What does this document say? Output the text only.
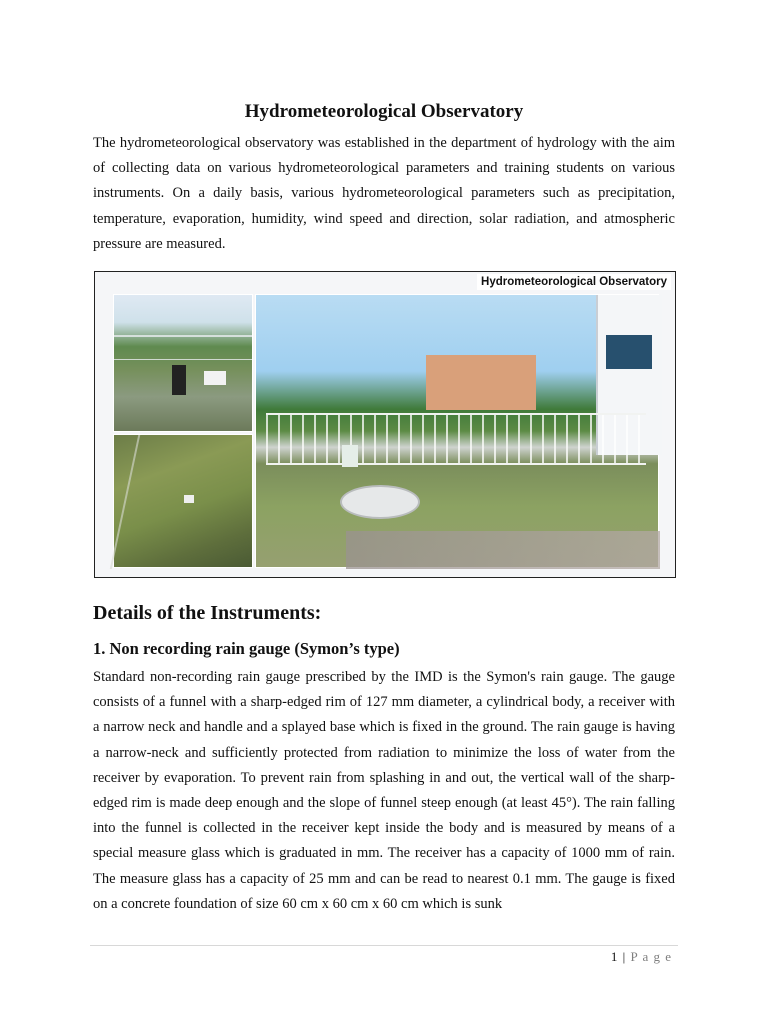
Hydrometeorological Observatory

The hydrometeorological observatory was established in the department of hydrology with the aim of collecting data on various hydrometeorological parameters and training students on various instruments. On a daily basis, various hydrometeorological parameters such as precipitation, temperature, evaporation, humidity, wind speed and direction, solar radiation, and atmospheric pressure are measured.

Hydrometeorological Observatory
Details of the Instruments:
1. Non recording rain gauge (Symon’s type)

Standard non-recording rain gauge prescribed by the IMD is the Symon's rain gauge. The gauge consists of a funnel with a sharp-edged rim of 127 mm diameter, a cylindrical body, a receiver with a narrow neck and handle and a splayed base which is fixed in the ground. The rain gauge is having a narrow-neck and sufficiently protected from radiation to minimize the loss of water from the receiver by evaporation. To prevent rain from splashing in and out, the vertical wall of the sharp-edged rim is made deep enough and the slope of funnel steep enough (at least 45°). The rain falling into the funnel is collected in the receiver kept inside the body and is measured by means of a special measure glass which is graduated in mm. The receiver has a capacity of 1000 mm of rain. The measure glass has a capacity of 25 mm and can be read to nearest 0.1 mm. The gauge is fixed on a concrete foundation of size 60 cm x 60 cm x 60 cm which is sunk

1 | P a g e
